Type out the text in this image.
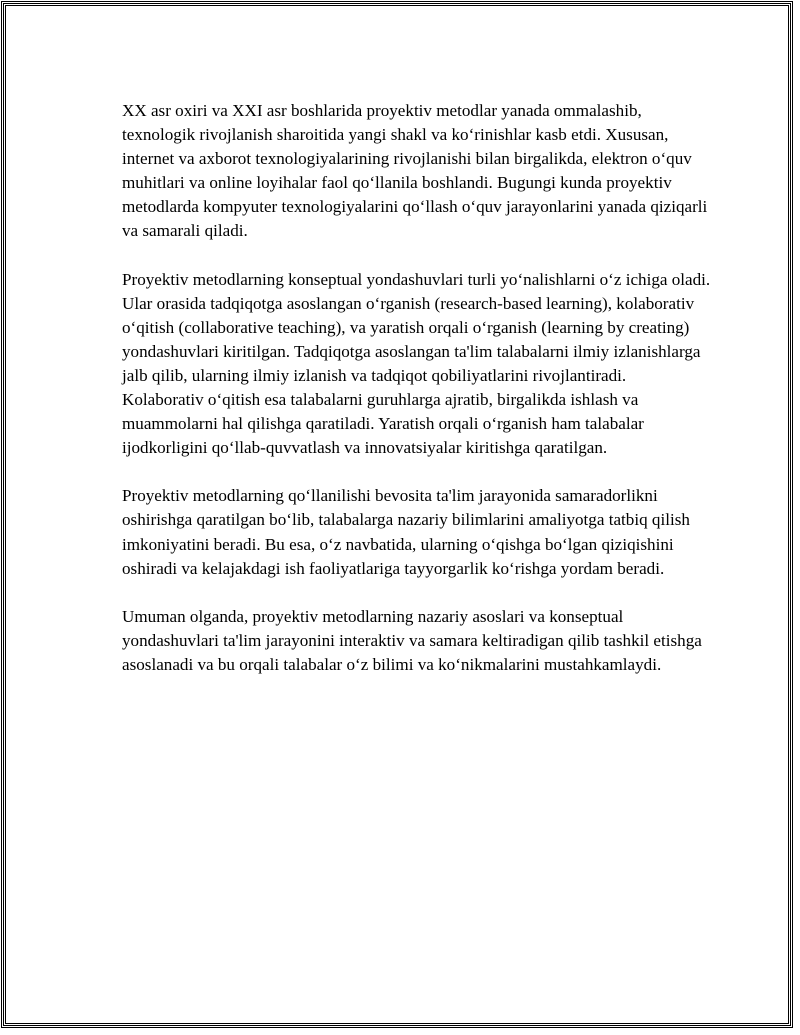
XX asr oxiri va XXI asr boshlarida proyektiv metodlar yanada ommalashib, texnologik rivojlanish sharoitida yangi shakl va koʻrinishlar kasb etdi. Xususan, internet va axborot texnologiyalarining rivojlanishi bilan birgalikda, elektron oʻquv muhitlari va online loyihalar faol qoʻllanila boshlandi. Bugungi kunda proyektiv metodlarda kompyuter texnologiyalarini qoʻllash oʻquv jarayonlarini yanada qiziqarli va samarali qiladi.

Proyektiv metodlarning konseptual yondashuvlari turli yoʻnalishlarni oʻz ichiga oladi. Ular orasida tadqiqotga asoslangan oʻrganish (research-based learning), kolaborativ oʻqitish (collaborative teaching), va yaratish orqali oʻrganish (learning by creating) yondashuvlari kiritilgan. Tadqiqotga asoslangan ta'lim talabalarni ilmiy izlanishlarga jalb qilib, ularning ilmiy izlanish va tadqiqot qobiliyatlarini rivojlantiradi. Kolaborativ oʻqitish esa talabalarni guruhlarga ajratib, birgalikda ishlash va muammolarni hal qilishga qaratiladi. Yaratish orqali oʻrganish ham talabalar ijodkorligini qoʻllab-quvvatlash va innovatsiyalar kiritishga qaratilgan.

Proyektiv metodlarning qoʻllanilishi bevosita ta'lim jarayonida samaradorlikni oshirishga qaratilgan boʻlib, talabalarga nazariy bilimlarini amaliyotga tatbiq qilish imkoniyatini beradi. Bu esa, oʻz navbatida, ularning oʻqishga boʻlgan qiziqishini oshiradi va kelajakdagi ish faoliyatlariga tayyorgarlik koʻrishga yordam beradi.

Umuman olganda, proyektiv metodlarning nazariy asoslari va konseptual yondashuvlari ta'lim jarayonini interaktiv va samara keltiradigan qilib tashkil etishga asoslanadi va bu orqali talabalar oʻz bilimi va koʻnikmalarini mustahkamlaydi.
